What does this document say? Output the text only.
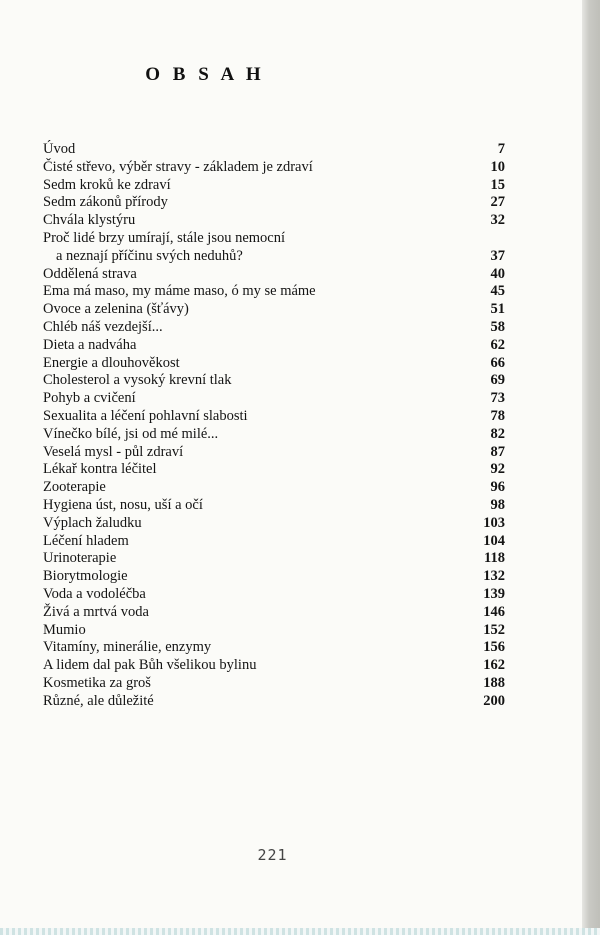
O B S A H
Úvod	7
Čisté střevo, výběr stravy - základem je zdraví	10
Sedm kroků ke zdraví	15
Sedm zákonů přírody	27
Chvála klystýru	32
Proč lidé brzy umírají, stále jsou nemocní
a neznají příčinu svých neduhů?	37
Oddělená strava	40
Ema má maso, my máme maso, ó my se máme	45
Ovoce a zelenina (šťávy)	51
Chléb náš vezdejší...	58
Dieta a nadváha	62
Energie a dlouhověkost	66
Cholesterol a vysoký krevní tlak	69
Pohyb a cvičení	73
Sexualita a léčení pohlavní slabosti	78
Vínečko bílé, jsi od mé milé...	82
Veselá mysl - půl zdraví	87
Lékař kontra léčitel	92
Zooterapie	96
Hygiena úst, nosu, uší a očí	98
Výplach žaludku	103
Léčení hladem	104
Urinoterapie	118
Biorytmologie	132
Voda a vodoléčba	139
Živá a mrtvá voda	146
Mumio	152
Vitamíny, minerálie, enzymy	156
A lidem dal pak Bůh všelikou bylinu	162
Kosmetika za groš	188
Různé, ale důležité	200
221
